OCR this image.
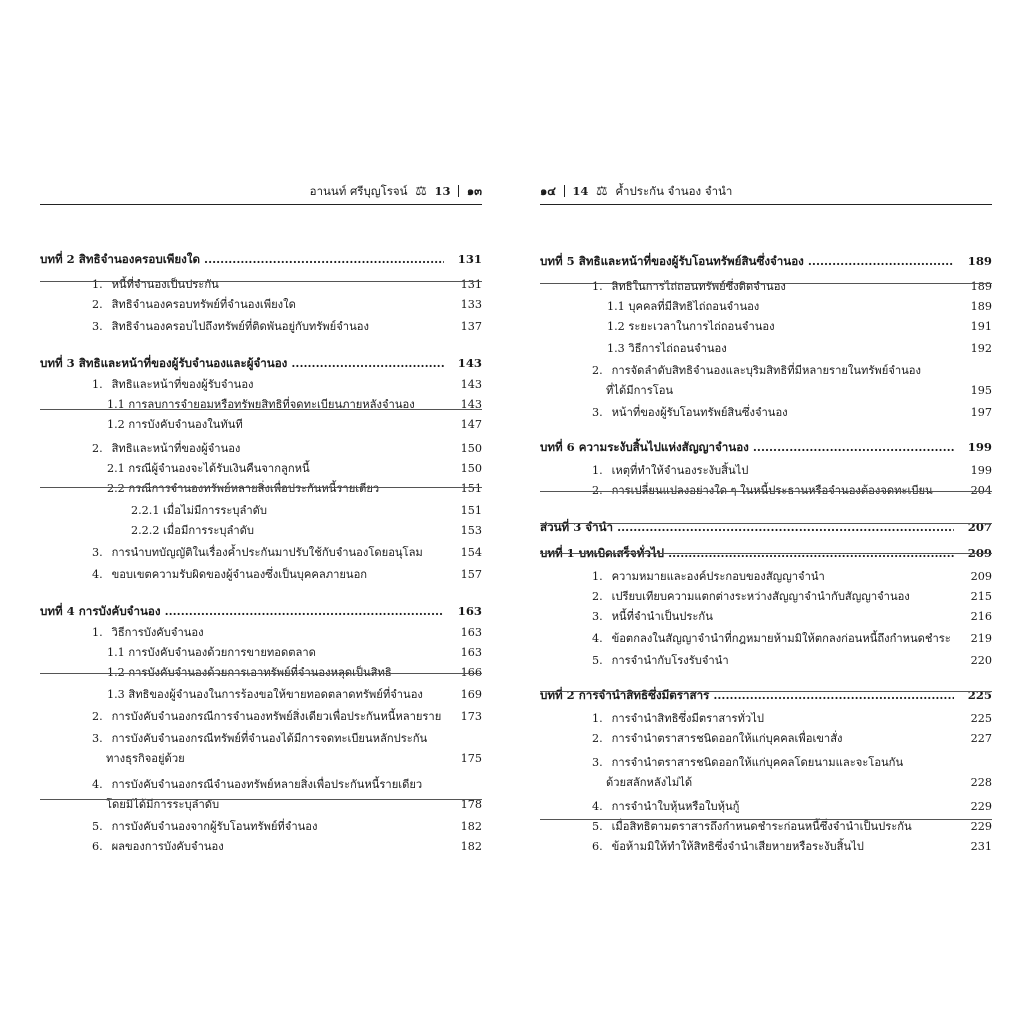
อานนท์ ศรีบุญโรจน์ ⚖ 13 ๑๓
บทที่ 2 สิทธิจำนองครอบเพียงใด .....	131
1. หนี้ที่จำนองเป็นประกัน	131
2. สิทธิจำนองครอบทรัพย์ที่จำนองเพียงใด	133
3. สิทธิจำนองครอบไปถึงทรัพย์ที่ติดพันอยู่กับทรัพย์จำนอง	137
บทที่ 3 สิทธิและหน้าที่ของผู้รับจำนองและผู้จำนอง .....	143
1. สิทธิและหน้าที่ของผู้รับจำนอง	143
1.1 การลบการจำยอมหรือทรัพยสิทธิที่จดทะเบียนภายหลังจำนอง	143
1.2 การบังคับจำนองในทันที	147
2. สิทธิและหน้าที่ของผู้จำนอง	150
2.1 กรณีผู้จำนองจะได้รับเงินคืนจากลูกหนี้	150
2.2 กรณีการจำนองทรัพย์หลายสิ่งเพื่อประกันหนี้รายเดียว	151
2.2.1 เมื่อไม่มีการระบุลำดับ	151
2.2.2 เมื่อมีการระบุลำดับ	153
3. การนำบทบัญญัติในเรื่องค้ำประกันมาปรับใช้กับจำนองโดยอนุโลม	154
4. ขอบเขตความรับผิดของผู้จำนองซึ่งเป็นบุคคลภายนอก	157
บทที่ 4 การบังคับจำนอง .....	163
1. วิธีการบังคับจำนอง	163
1.1 การบังคับจำนองด้วยการขายทอดตลาด	163
1.2 การบังคับจำนองด้วยการเอาทรัพย์ที่จำนองหลุดเป็นสิทธิ	166
1.3 สิทธิของผู้จำนองในการร้องขอให้ขายทอดตลาดทรัพย์ที่จำนอง	169
2. การบังคับจำนองกรณีการจำนองทรัพย์สิ่งเดียวเพื่อประกันหนี้หลายราย 173
3. การบังคับจำนองกรณีทรัพย์ที่จำนองได้มีการจดทะเบียนหลักประกัน
ทางธุรกิจอยู่ด้วย	175
4. การบังคับจำนองกรณีจำนองทรัพย์หลายสิ่งเพื่อประกันหนี้รายเดียว
โดยมิได้มีการระบุลำดับ	178
5. การบังคับจำนองจากผู้รับโอนทรัพย์ที่จำนอง	182
6. ผลของการบังคับจำนอง	182
๑๔ 14 ⚖ ค้ำประกัน จำนอง จำนำ
บทที่ 5 สิทธิและหน้าที่ของผู้รับโอนทรัพย์สินซึ่งจำนอง .....	189
1. สิทธิในการไถ่ถอนทรัพย์ซึ่งติดจำนอง	189
1.1 บุคคลที่มีสิทธิไถ่ถอนจำนอง	189
1.2 ระยะเวลาในการไถ่ถอนจำนอง	191
1.3 วิธีการไถ่ถอนจำนอง	192
2. การจัดลำดับสิทธิจำนองและบุริมสิทธิที่มีหลายรายในทรัพย์จำนอง
ที่ได้มีการโอน	195
3. หน้าที่ของผู้รับโอนทรัพย์สินซึ่งจำนอง	197
บทที่ 6 ความระงับสิ้นไปแห่งสัญญาจำนอง .....	199
1. เหตุที่ทำให้จำนองระงับสิ้นไป	199
2. การเปลี่ยนแปลงอย่างใด ๆ ในหนี้ประธานหรือจำนองต้องจดทะเบียน	204
ส่วนที่ 3 จำนำ .....	207
บทที่ 1 บทเบิดเสร็จทั่วไป .....	209
1. ความหมายและองค์ประกอบของสัญญาจำนำ	209
2. เปรียบเทียบความแตกต่างระหว่างสัญญาจำนำกับสัญญาจำนอง	215
3. หนี้ที่จำนำเป็นประกัน	216
4. ข้อตกลงในสัญญาจำนำที่กฎหมายห้ามมิให้ตกลงก่อนหนี้ถึงกำหนดชำระ 219
5. การจำนำกับโรงรับจำนำ	220
บทที่ 2 การจำนำสิทธิซึ่งมีตราสาร .....	225
1. การจำนำสิทธิซึ่งมีตราสารทั่วไป	225
2. การจำนำตราสารชนิดออกให้แก่บุคคลเพื่อเขาสั่ง	227
3. การจำนำตราสารชนิดออกให้แก่บุคคลโดยนามและจะโอนกัน
ด้วยสลักหลังไม่ได้	228
4. การจำนำใบหุ้นหรือใบหุ้นกู้	229
5. เมื่อสิทธิตามตราสารถึงกำหนดชำระก่อนหนี้ซึ่งจำนำเป็นประกัน	229
6. ข้อห้ามมิให้ทำให้สิทธิซึ่งจำนำเสียหายหรือระงับสิ้นไป	231
